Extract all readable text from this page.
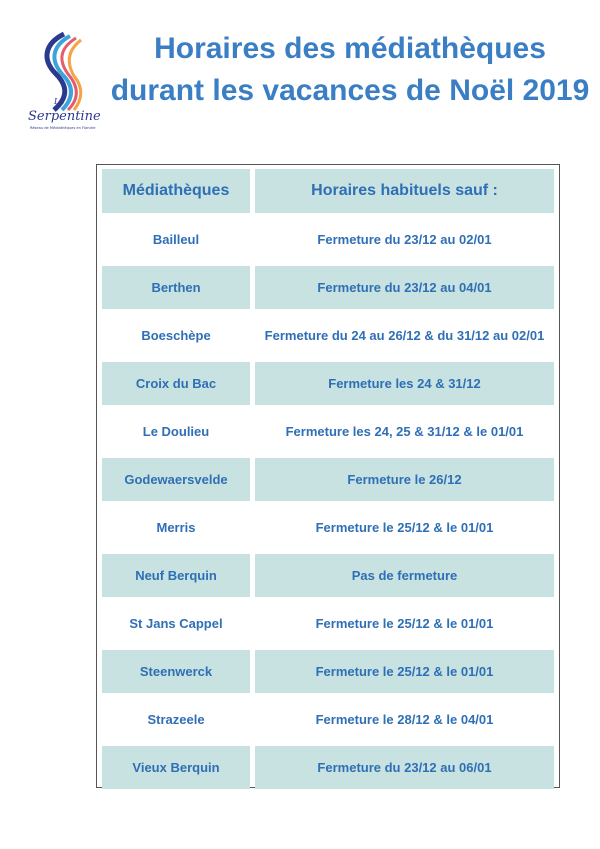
La
Serpentine
Réseau de Médiathèques en Flandre
Horaires des médiathèques
durant les vacances de Noël 2019
Médiathèques	Horaires habituels sauf :
Bailleul	Fermeture du 23/12 au 02/01
Berthen	Fermeture du 23/12 au 04/01
Boeschèpe	Fermeture du 24 au 26/12 & du 31/12 au 02/01
Croix du Bac	Fermeture les 24 & 31/12
Le Doulieu	Fermeture les 24, 25 & 31/12 & le 01/01
Godewaersvelde	Fermeture le 26/12
Merris	Fermeture le 25/12 & le 01/01
Neuf Berquin	Pas de fermeture
St Jans Cappel	Fermeture le 25/12 & le 01/01
Steenwerck	Fermeture le 25/12 & le 01/01
Strazeele	Fermeture le 28/12 & le 04/01
Vieux Berquin	Fermeture du 23/12 au 06/01
